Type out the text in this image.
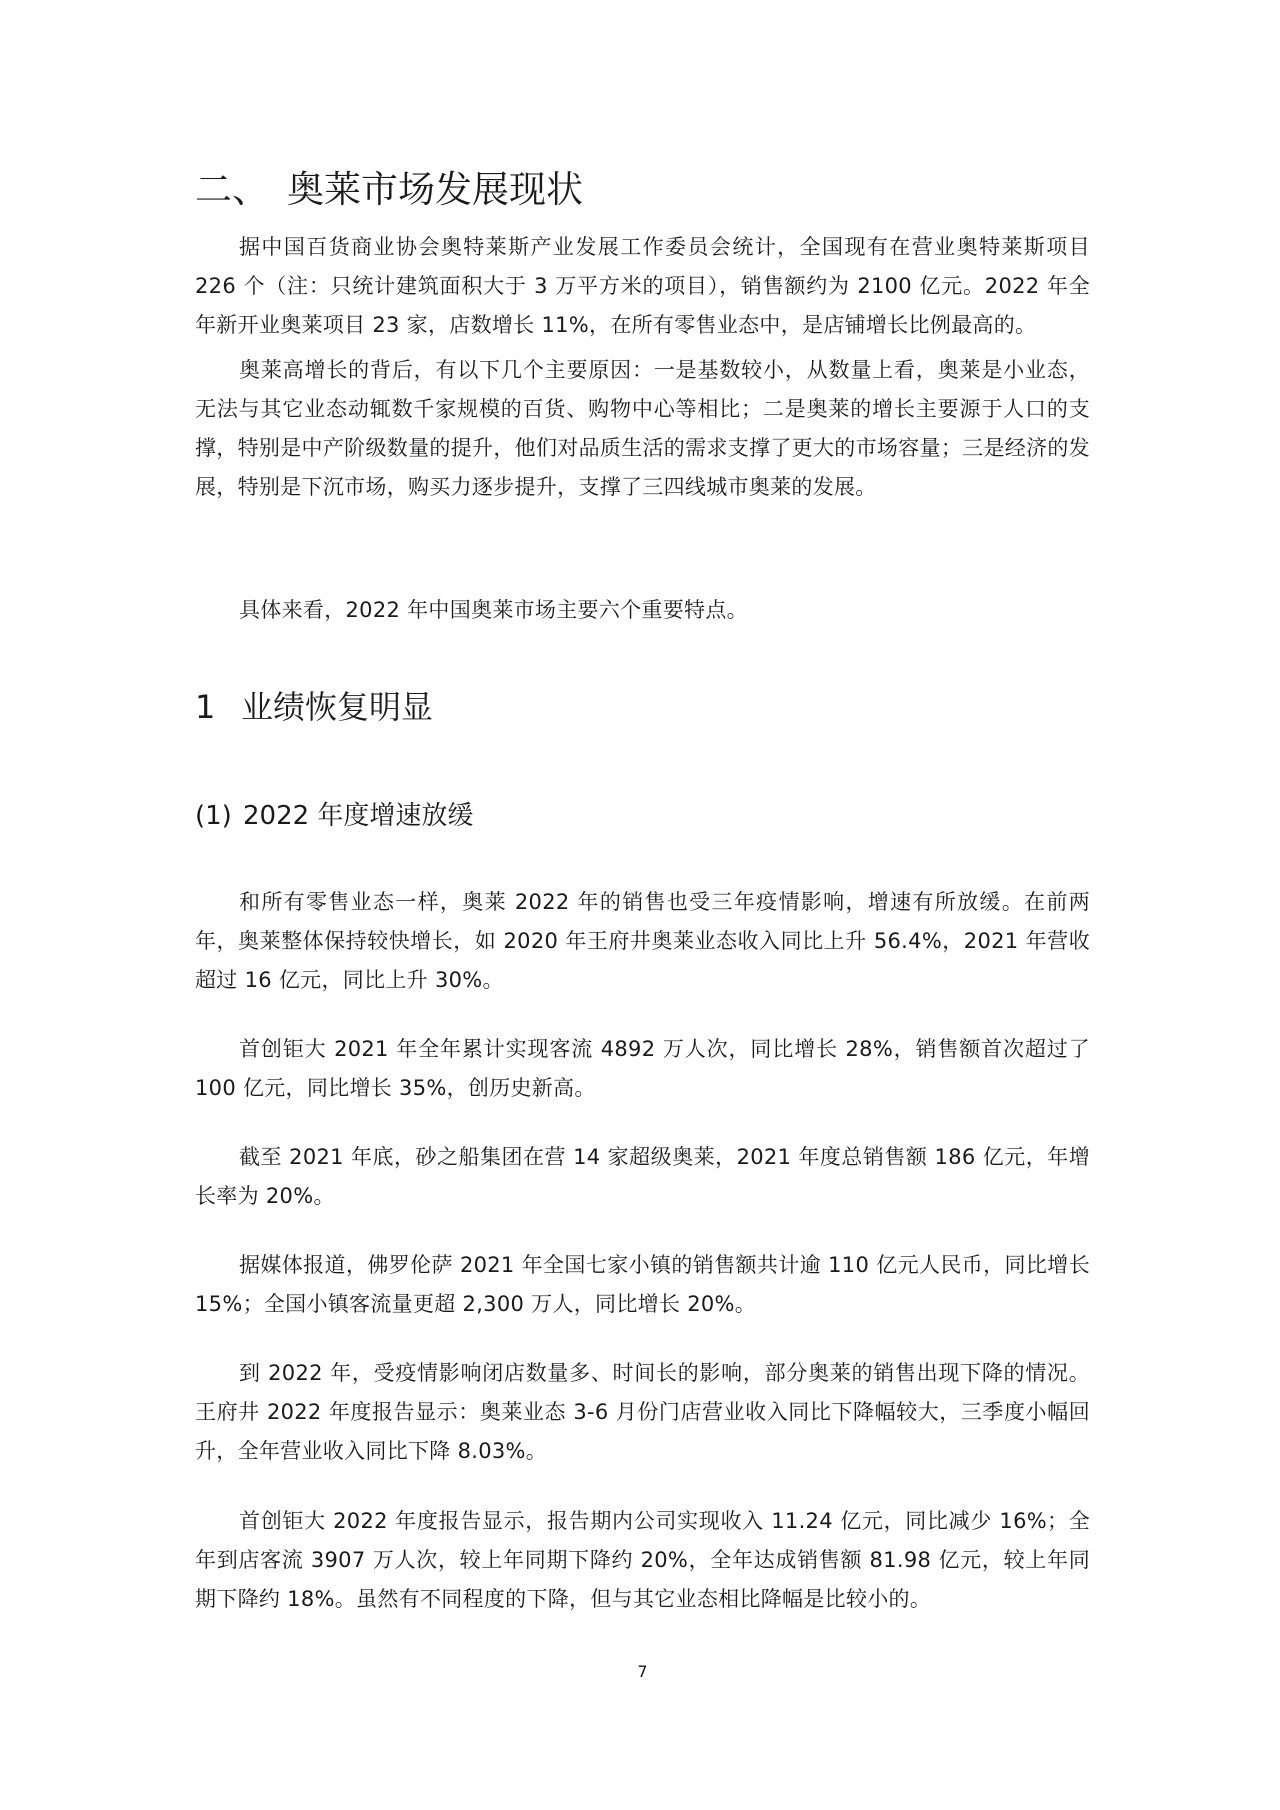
二、 奥莱市场发展现状

据中国百货商业协会奥特莱斯产业发展工作委员会统计，全国现有在营业奥特莱斯项目 226 个（注：只统计建筑面积大于 3 万平方米的项目），销售额约为 2100 亿元。2022 年全年新开业奥莱项目 23 家，店数增长 11%，在所有零售业态中，是店铺增长比例最高的。

奥莱高增长的背后，有以下几个主要原因：一是基数较小，从数量上看，奥莱是小业态，无法与其它业态动辄数千家规模的百货、购物中心等相比；二是奥莱的增长主要源于人口的支撑，特别是中产阶级数量的提升，他们对品质生活的需求支撑了更大的市场容量；三是经济的发展，特别是下沉市场，购买力逐步提升，支撑了三四线城市奥莱的发展。

具体来看，2022 年中国奥莱市场主要六个重要特点。

1 业绩恢复明显
(1) 2022 年度增速放缓

和所有零售业态一样，奥莱 2022 年的销售也受三年疫情影响，增速有所放缓。在前两年，奥莱整体保持较快增长，如 2020 年王府井奥莱业态收入同比上升 56.4%，2021 年营收超过 16 亿元，同比上升 30%。

首创钜大 2021 年全年累计实现客流 4892 万人次，同比增长 28%，销售额首次超过了 100 亿元，同比增长 35%，创历史新高。

截至 2021 年底，砂之船集团在营 14 家超级奥莱，2021 年度总销售额 186 亿元，年增长率为 20%。

据媒体报道，佛罗伦萨 2021 年全国七家小镇的销售额共计逾 110 亿元人民币，同比增长 15%；全国小镇客流量更超 2,300 万人，同比增长 20%。

到 2022 年，受疫情影响闭店数量多、时间长的影响，部分奥莱的销售出现下降的情况。王府井 2022 年度报告显示：奥莱业态 3-6 月份门店营业收入同比下降幅较大，三季度小幅回升，全年营业收入同比下降 8.03%。

首创钜大 2022 年度报告显示，报告期内公司实现收入 11.24 亿元，同比减少 16%；全年到店客流 3907 万人次，较上年同期下降约 20%，全年达成销售额 81.98 亿元，较上年同期下降约 18%。虽然有不同程度的下降，但与其它业态相比降幅是比较小的。

7
